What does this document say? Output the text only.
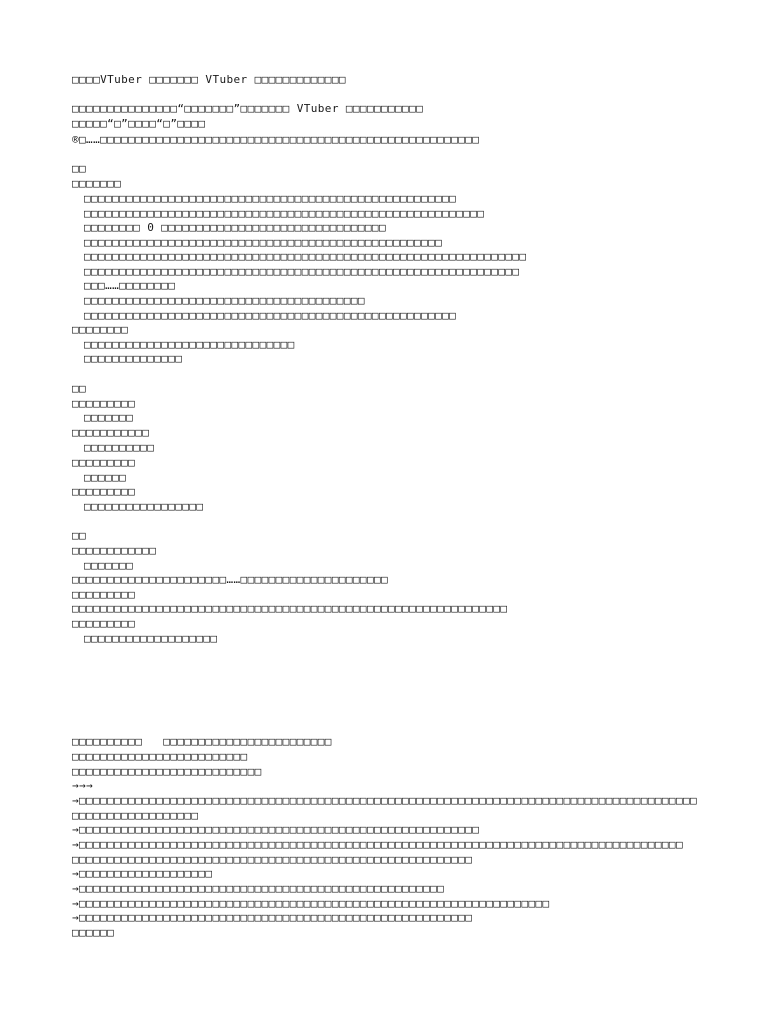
□□□□VTuber □□□□□□□ VTuber □□□□□□□□□□□□□
□□□□□□□□□□□□□□□“□□□□□□□”□□□□□□□ VTuber □□□□□□□□□□□
□□□□□“□”□□□□“□”□□□□
®□……□□□□□□□□□□□□□□□□□□□□□□□□□□□□□□□□□□□□□□□□□□□□□□□□□□□□□□
□□
□□□□□□□
□□□□□□□□□□□□□□□□□□□□□□□□□□□□□□□□□□□□□□□□□□□□□□□□□□□□□
□□□□□□□□□□□□□□□□□□□□□□□□□□□□□□□□□□□□□□□□□□□□□□□□□□□□□□□□□
□□□□□□□□ 0 □□□□□□□□□□□□□□□□□□□□□□□□□□□□□□□□
□□□□□□□□□□□□□□□□□□□□□□□□□□□□□□□□□□□□□□□□□□□□□□□□□□□
□□□□□□□□□□□□□□□□□□□□□□□□□□□□□□□□□□□□□□□□□□□□□□□□□□□□□□□□□□□□□□□
□□□□□□□□□□□□□□□□□□□□□□□□□□□□□□□□□□□□□□□□□□□□□□□□□□□□□□□□□□□□□□
□□□……□□□□□□□□
□□□□□□□□□□□□□□□□□□□□□□□□□□□□□□□□□□□□□□□□
□□□□□□□□□□□□□□□□□□□□□□□□□□□□□□□□□□□□□□□□□□□□□□□□□□□□□
□□□□□□□□
□□□□□□□□□□□□□□□□□□□□□□□□□□□□□□
□□□□□□□□□□□□□□
□□
□□□□□□□□□
□□□□□□□
□□□□□□□□□□□
□□□□□□□□□□
□□□□□□□□□
□□□□□□
□□□□□□□□□
□□□□□□□□□□□□□□□□□
□□
□□□□□□□□□□□□
□□□□□□□
□□□□□□□□□□□□□□□□□□□□□□……□□□□□□□□□□□□□□□□□□□□□
□□□□□□□□□
□□□□□□□□□□□□□□□□□□□□□□□□□□□□□□□□□□□□□□□□□□□□□□□□□□□□□□□□□□□□□□
□□□□□□□□□
□□□□□□□□□□□□□□□□□□□
□□□□□□□□□□   □□□□□□□□□□□□□□□□□□□□□□□□
□□□□□□□□□□□□□□□□□□□□□□□□□
□□□□□□□□□□□□□□□□□□□□□□□□□□□
→→→
→□□□□□□□□□□□□□□□□□□□□□□□□□□□□□□□□□□□□□□□□□□□□□□□□□□□□□□□□□□□□□□□□□□□□□□□□□□□□□□□□□□□□□□□□
□□□□□□□□□□□□□□□□□□
→□□□□□□□□□□□□□□□□□□□□□□□□□□□□□□□□□□□□□□□□□□□□□□□□□□□□□□□□□
→□□□□□□□□□□□□□□□□□□□□□□□□□□□□□□□□□□□□□□□□□□□□□□□□□□□□□□□□□□□□□□□□□□□□□□□□□□□□□□□□□□□□□□
□□□□□□□□□□□□□□□□□□□□□□□□□□□□□□□□□□□□□□□□□□□□□□□□□□□□□□□□□
→□□□□□□□□□□□□□□□□□□□
→□□□□□□□□□□□□□□□□□□□□□□□□□□□□□□□□□□□□□□□□□□□□□□□□□□□□
→□□□□□□□□□□□□□□□□□□□□□□□□□□□□□□□□□□□□□□□□□□□□□□□□□□□□□□□□□□□□□□□□□□□
→□□□□□□□□□□□□□□□□□□□□□□□□□□□□□□□□□□□□□□□□□□□□□□□□□□□□□□□□
□□□□□□
